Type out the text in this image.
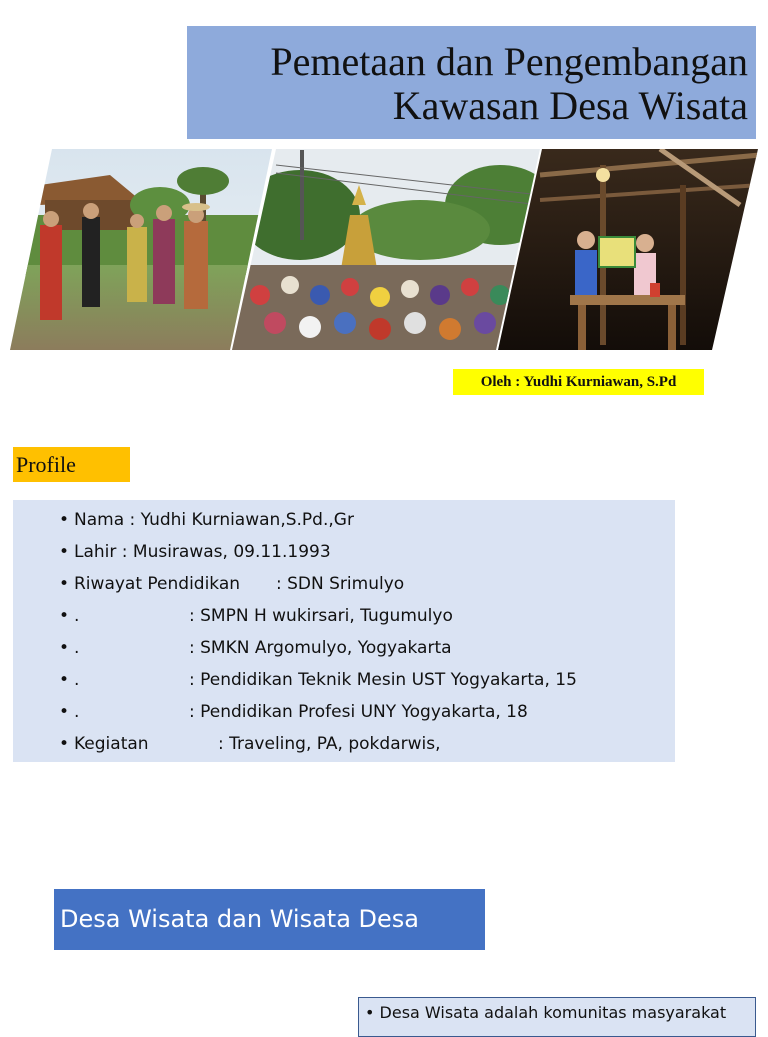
Pemetaan dan Pengembangan
Kawasan Desa Wisata
Oleh : Yudhi Kurniawan, S.Pd
Profile
• Nama : Yudhi Kurniawan,S.Pd.,Gr
• Lahir : Musirawas, 09.11.1993
• Riwayat Pendidikan : SDN Srimulyo
• .	: SMPN H wukirsari, Tugumulyo
• .	: SMKN Argomulyo, Yogyakarta
• .	: Pendidikan Teknik Mesin UST Yogyakarta, 15
• .	: Pendidikan Profesi UNY Yogyakarta, 18
• Kegiatan	: Traveling, PA, pokdarwis,
Desa Wisata dan Wisata Desa
• Desa Wisata adalah komunitas masyarakat
